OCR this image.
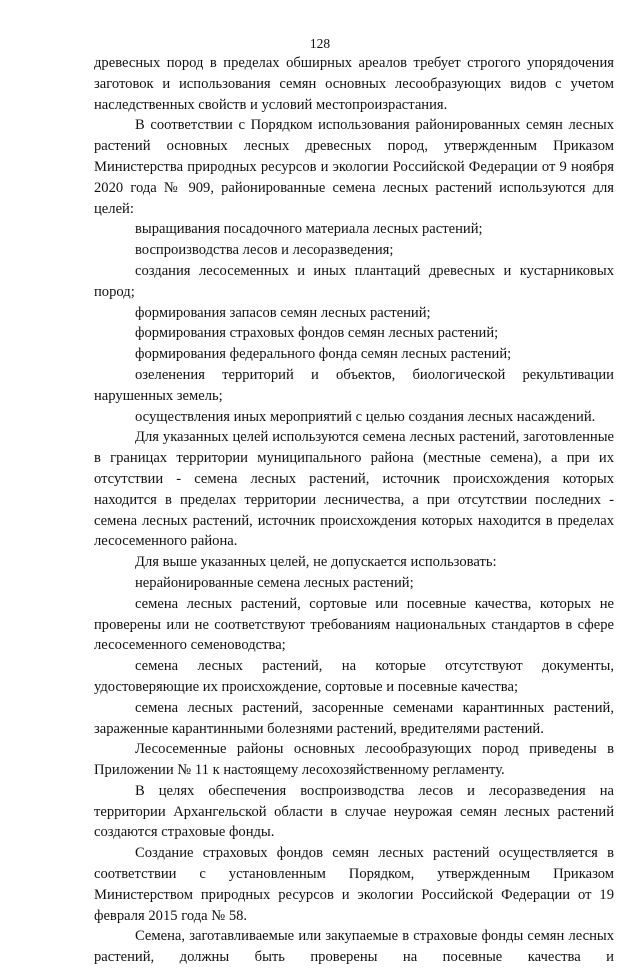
128

древесных пород в пределах обширных ареалов требует строгого упорядочения заготовок и использования семян основных лесообразующих видов с учетом наследственных свойств и условий местопроизрастания.

В соответствии с Порядком использования районированных семян лесных растений основных лесных древесных пород, утвержденным Приказом Министерства природных ресурсов и экологии Российской Федерации от 9 ноября 2020 года № 909, районированные семена лесных растений используются для целей:

выращивания посадочного материала лесных растений;

воспроизводства лесов и лесоразведения;

создания лесосеменных и иных плантаций древесных и кустарниковых пород;

формирования запасов семян лесных растений;

формирования страховых фондов семян лесных растений;

формирования федерального фонда семян лесных растений;

озеленения территорий и объектов, биологической рекультивации нарушенных земель;

осуществления иных мероприятий с целью создания лесных насаждений.

Для указанных целей используются семена лесных растений, заготовленные в границах территории муниципального района (местные семена), а при их отсутствии - семена лесных растений, источник происхождения которых находится в пределах территории лесничества, а при отсутствии последних - семена лесных растений, источник происхождения которых находится в пределах лесосеменного района.

Для выше указанных целей, не допускается использовать:

нерайонированные семена лесных растений;

семена лесных растений, сортовые или посевные качества, которых не проверены или не соответствуют требованиям национальных стандартов в сфере лесосеменного семеноводства;

семена лесных растений, на которые отсутствуют документы, удостоверяющие их происхождение, сортовые и посевные качества;

семена лесных растений, засоренные семенами карантинных растений, зараженные карантинными болезнями растений, вредителями растений.

Лесосеменные районы основных лесообразующих пород приведены в Приложении № 11 к настоящему лесохозяйственному регламенту.

В целях обеспечения воспроизводства лесов и лесоразведения на территории Архангельской области в случае неурожая семян лесных растений создаются страховые фонды.

Создание страховых фондов семян лесных растений осуществляется в соответствии с установленным Порядком, утвержденным Приказом Министерством природных ресурсов и экологии Российской Федерации от 19 февраля 2015 года № 58.

Семена, заготавливаемые или закупаемые в страховые фонды семян лесных растений, должны быть проверены на посевные качества и
